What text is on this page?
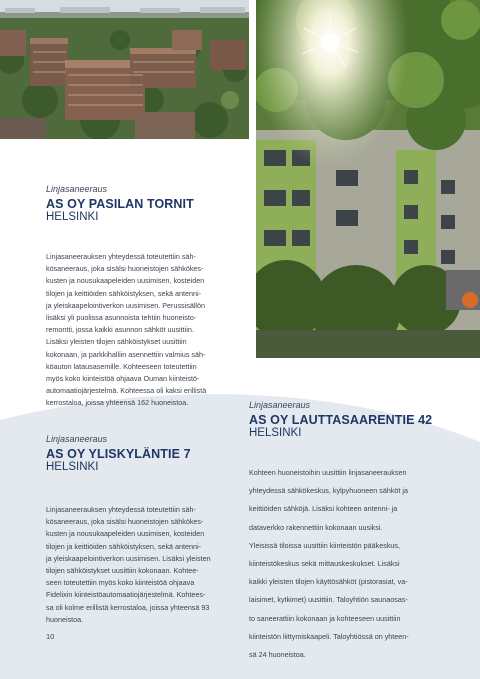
Linjasaneeraus
AS OY PASILAN TORNIT
HELSINKI

Linjasaneerauksen yhteydessä toteutettiin säh-

kösaneeraus, joka sisälsi huoneistojen sähkökes-

kusten ja nousukaapeleiden uusimisen, kosteiden

tilojen ja keittiöiden sähköistyksen, sekä antenni-

ja yleiskaapelointiverkon uusimisen. Perussisällön

lisäksi yli puolissa asunnoista tehtiin huoneisto-

remontti, jossa kaikki asunnon sähköt uusittiin.

Lisäksi yleisten tilojen sähköistykset uusittiin

kokonaan, ja parkkihalliin asennettiin valmius säh-

köauton latausasemille. Kohteeseen toteutettiin

myös koko kiinteistöä ohjaava Ouman kiinteistö-

automaatiojärjestelmä. Kohteessa oli kaksi erillistä

kerrostaloa, joissa yhteensä 162 huoneistoa.

Linjasaneeraus
AS OY YLISKYLÄNTIE 7
HELSINKI

Linjasaneerauksen yhteydessä toteutettiin säh-

kösaneeraus, joka sisälsi huoneistojen sähkökes-

kusten ja nousukaapeleiden uusimisen, kosteiden

tilojen ja keittiöiden sähköistyksen, sekä antenni-

ja yleiskaapelointiverkon uusimisen. Lisäksi yleisten

tilojen sähköistykset uusittiin kokonaan. Kohtee-

seen toteutettiin myös koko kiinteistöä ohjaava

Fidelixin kiinteistöautomaatiojärjestelmä. Kohtees-

sa oli kolme erillistä kerrostaloa, joissa yhteensä 93

huoneistoa.

Linjasaneeraus
AS OY LAUTTASAARENTIE 42
HELSINKI

Kohteen huoneistoihin uusittiin linjasaneerauksen

yhteydessä sähkökeskus, kylpyhuoneen sähköt ja

keittiöiden sähköjä. Lisäksi kohteen antenni- ja

dataverkko rakennettiin kokonaan uusiksi.

Yleisissä tiloissa uusittiin kiinteistön pääkeskus,

kiinteistökeskus sekä mittauskeskukset. Lisäksi

kaikki yleisten tilojen käyttösähköt (pistorasiat, va-

laisimet, kytkimet) uusittiin. Taloyhtiön saunaosas-

to saneerattiin kokonaan ja kohteeseen uusittiin

kiinteistön liittymiskaapeli. Taloyhtiössä on yhteen-

sä 24 huoneistoa.

10
